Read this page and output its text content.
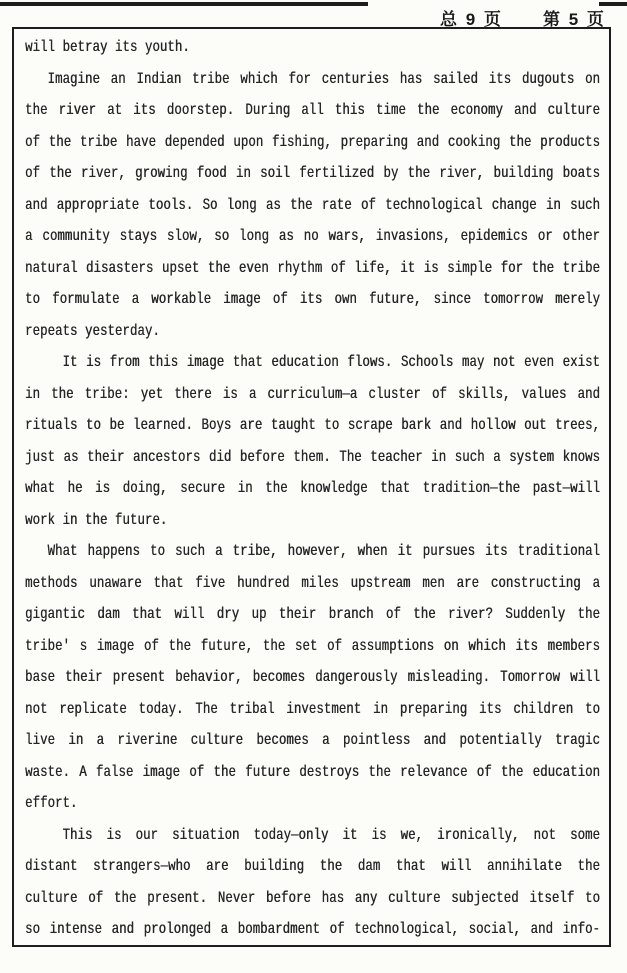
总 9 页 第 5 页
will betray its youth.
Imagine an Indian tribe which for centuries has sailed its dugouts on
the river at its doorstep. During all this time the economy and culture
of the tribe have depended upon fishing, preparing and cooking the products
of the river, growing food in soil fertilized by the river, building boats
and appropriate tools. So long as the rate of technological change in such
a community stays slow, so long as no wars, invasions, epidemics or other
natural disasters upset the even rhythm of life, it is simple for the tribe
to formulate a workable image of its own future, since tomorrow merely
repeats yesterday.
It is from this image that education flows. Schools may not even exist
in the tribe: yet there is a curriculum—a cluster of skills, values and
rituals to be learned. Boys are taught to scrape bark and hollow out trees,
just as their ancestors did before them. The teacher in such a system knows
what he is doing, secure in the knowledge that tradition—the past—will
work in the future.
What happens to such a tribe, however, when it pursues its traditional
methods unaware that five hundred miles upstream men are constructing a
gigantic dam that will dry up their branch of the river? Suddenly the
tribe' s image of the future, the set of assumptions on which its members
base their present behavior, becomes dangerously misleading. Tomorrow will
not replicate today. The tribal investment in preparing its children to
live in a riverine culture becomes a pointless and potentially tragic
waste. A false image of the future destroys the relevance of the education
effort.
This is our situation today—only it is we, ironically, not some
distant strangers—who are building the dam that will annihilate the
culture of the present. Never before has any culture subjected itself to
so intense and prolonged a bombardment of technological, social, and info-
